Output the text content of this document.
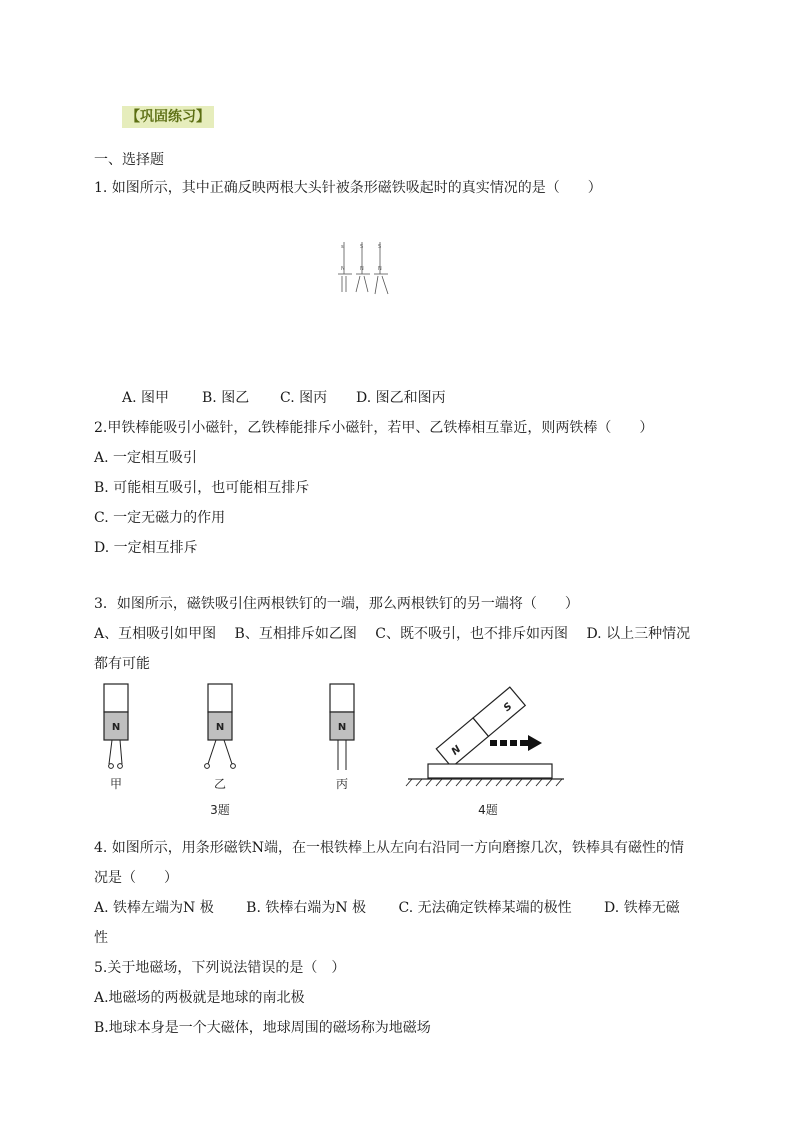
【巩固练习】
一、选择题
1. 如图所示，其中正确反映两根大头针被条形磁铁吸起时的真实情况的是（　　）
s	S	S
N	N	N
A. 图甲 B. 图乙 C. 图丙 D. 图乙和图丙
2.甲铁棒能吸引小磁针，乙铁棒能排斥小磁针，若甲、乙铁棒相互靠近，则两铁棒（　　）
A. 一定相互吸引
B. 可能相互吸引，也可能相互排斥
C. 一定无磁力的作用
D. 一定相互排斥
3．如图所示，磁铁吸引住两根铁钉的一端，那么两根铁钉的另一端将（　　）
A、互相吸引如甲图　 B、互相排斥如乙图　 C、既不吸引，也不排斥如丙图　 D. 以上三种情况
都有可能
N	N	N
甲	乙	丙
3题
N
S
4题
4. 如图所示，用条形磁铁N端，在一根铁棒上从左向右沿同一方向磨擦几次，铁棒具有磁性的情
况是（　　）
A. 铁棒左端为N 极　　 B. 铁棒右端为N 极　　 C. 无法确定铁棒某端的极性　　 D. 铁棒无磁
性
5.关于地磁场，下列说法错误的是（　）
A.地磁场的两极就是地球的南北极
B.地球本身是一个大磁体，地球周围的磁场称为地磁场
